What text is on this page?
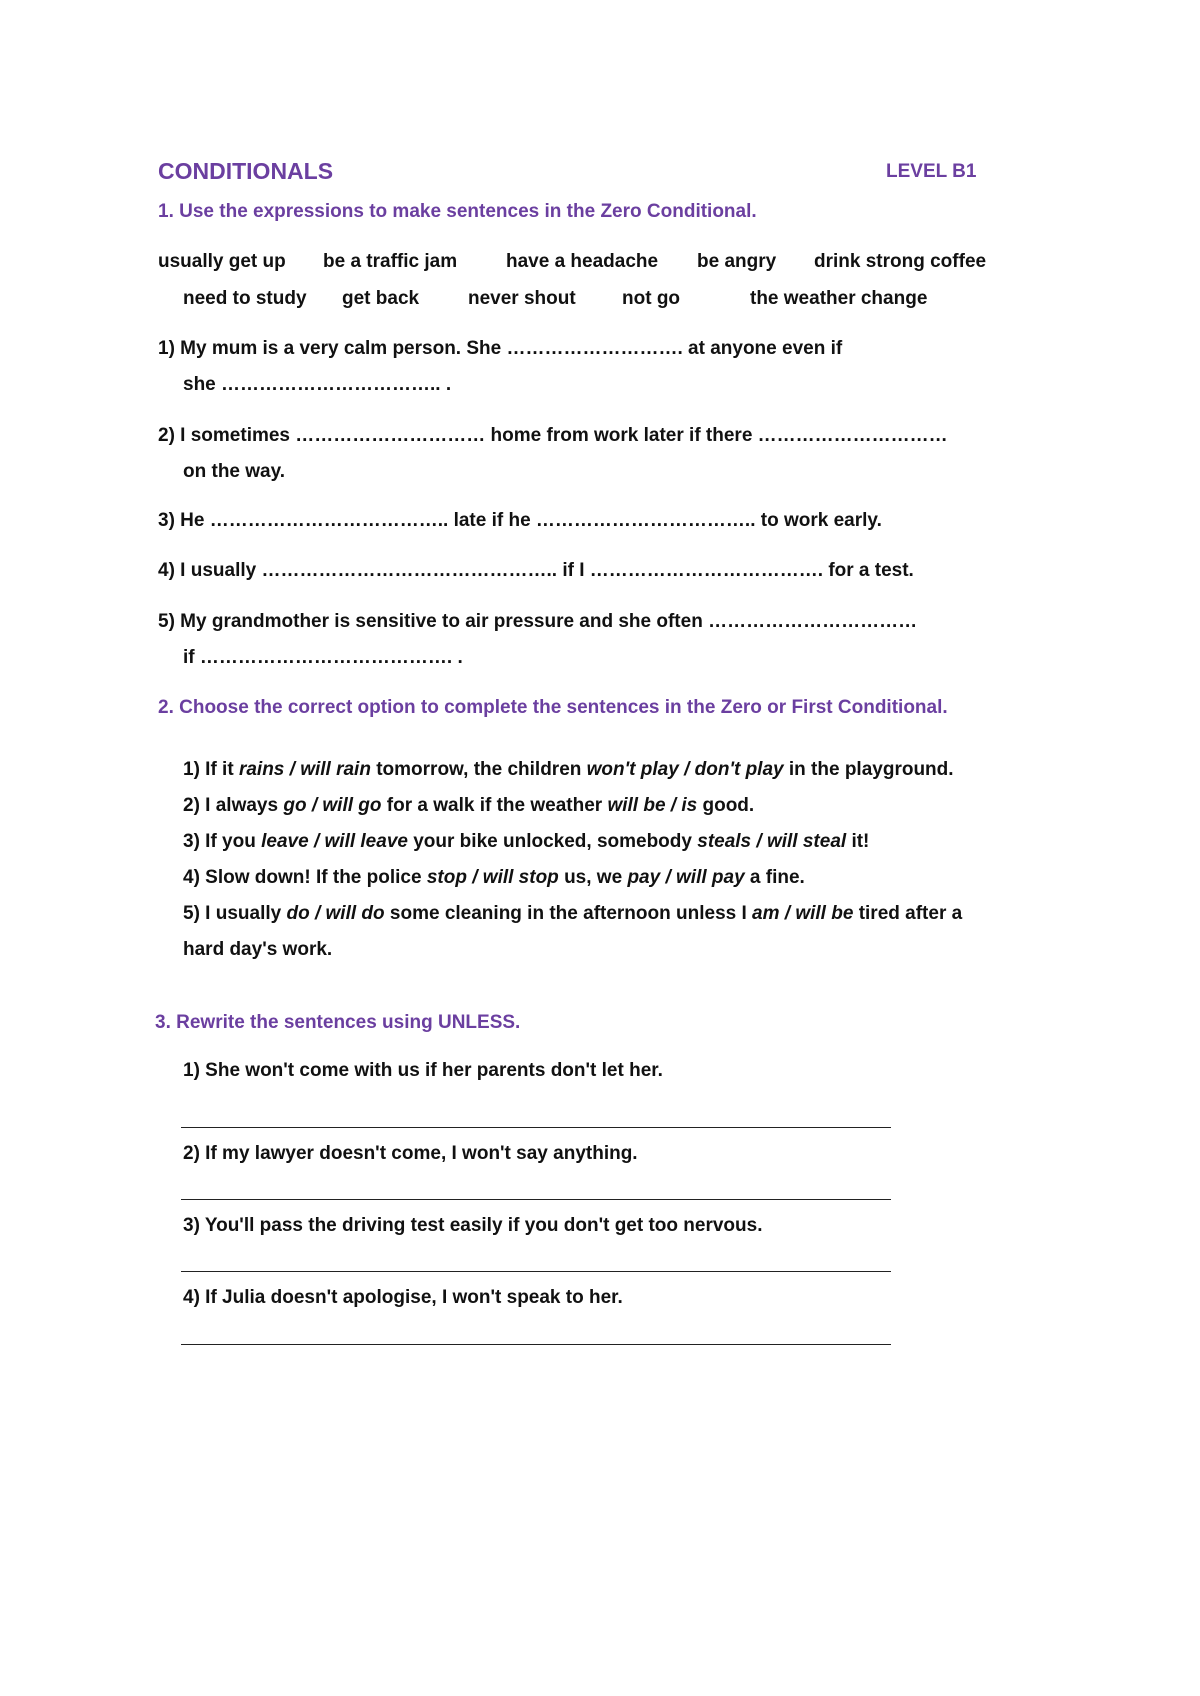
CONDITIONALS	LEVEL B1
1. Use the expressions to make sentences in the Zero Conditional.
usually get up be a traffic jam	have a headache be angry drink strong coffee
need to study get back	never shout not go	the weather change
1) My mum is a very calm person. She ………………………. at anyone even if
she …………………………….. .
2) I sometimes ………………………… home from work later if there …………………………
on the way.
3) He ……………………………….. late if he …………………………….. to work early.
4) I usually ……………………………………….. if I ………………………………. for a test.
5) My grandmother is sensitive to air pressure and she often ……………………………
if …………………………………. .
2. Choose the correct option to complete the sentences in the Zero or First Conditional.
1) If it rains / will rain tomorrow, the children won't play / don't play in the playground.
2) I always go / will go for a walk if the weather will be / is good.
3) If you leave / will leave your bike unlocked, somebody steals / will steal it!
4) Slow down! If the police stop / will stop us, we pay / will pay a fine.
5) I usually do / will do some cleaning in the afternoon unless I am / will be tired after a
hard day's work.
3. Rewrite the sentences using UNLESS.
1) She won't come with us if her parents don't let her.
2) If my lawyer doesn't come, I won't say anything.
3) You'll pass the driving test easily if you don't get too nervous.
4) If Julia doesn't apologise, I won't speak to her.
